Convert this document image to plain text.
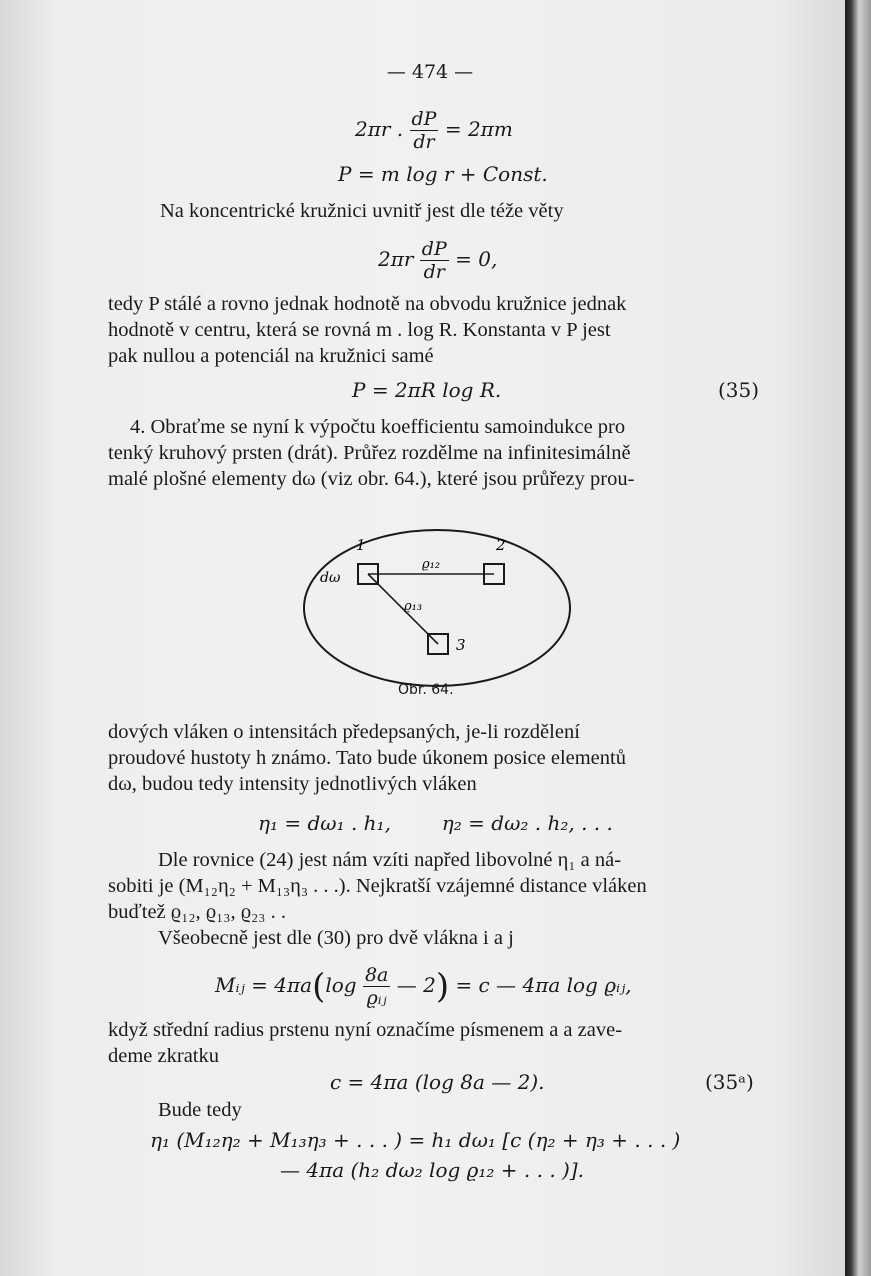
— 474 —
2πr . $\frac{dP}{dr} = 2\pi m$
P = m log r + Const.
Na koncentrické kružnici uvnitř jest dle téže věty
$2\pi r \frac{dP}{dr} = 0$,
tedy P stálé a rovno jednak hodnotě na obvodu kružnice jednak
hodnotě v centru, která se rovná m . log R. Konstanta v P jest
pak nullou a potenciál na kružnici samé
P = 2πR log R.	(35)
4. Obraťme se nyní k výpočtu koefficientu samoindukce pro
tenký kruhový prsten (drát). Průřez rozdělme na infinitesimálně
malé plošné elementy dω (viz obr. 64.), které jsou průřezy prou-
1	2
3
dω
ϱ₁₂
ϱ₁₃
Obr. 64.
dových vláken o intensitách předepsaných, je-li rozdělení
proudové hustoty h známo. Tato bude úkonem posice elementů
dω, budou tedy intensity jednotlivých vláken
η₁ = dω₁ . h₁,        η₂ = dω₂ . h₂, . . .
Dle rovnice (24) jest nám vzíti napřed libovolné η₁ a ná-
sobiti je (M₁₂η₂ + M₁₃η₃ . . .). Nejkratší vzájemné distance vláken
buďtež ϱ₁₂, ϱ₁₃, ϱ₂₃ . .
Všeobecně jest dle (30) pro dvě vlákna i a j
Mᵢⱼ = $4\pi a(\log \frac{8a}{\text{ϱᵢⱼ}}$ — 2) = c — 4πa log ϱᵢⱼ,
když střední radius prstenu nyní označíme písmenem a a zave-
deme zkratku
c = 4πa (log 8a — 2).	(35ᵃ)
Bude tedy
η₁ (M₁₂η₂ + M₁₃η₃ + . . . ) = h₁ dω₁ [c (η₂ + η₃ + . . . )
— 4πa (h₂ dω₂ log ϱ₁₂ + . . . )].
